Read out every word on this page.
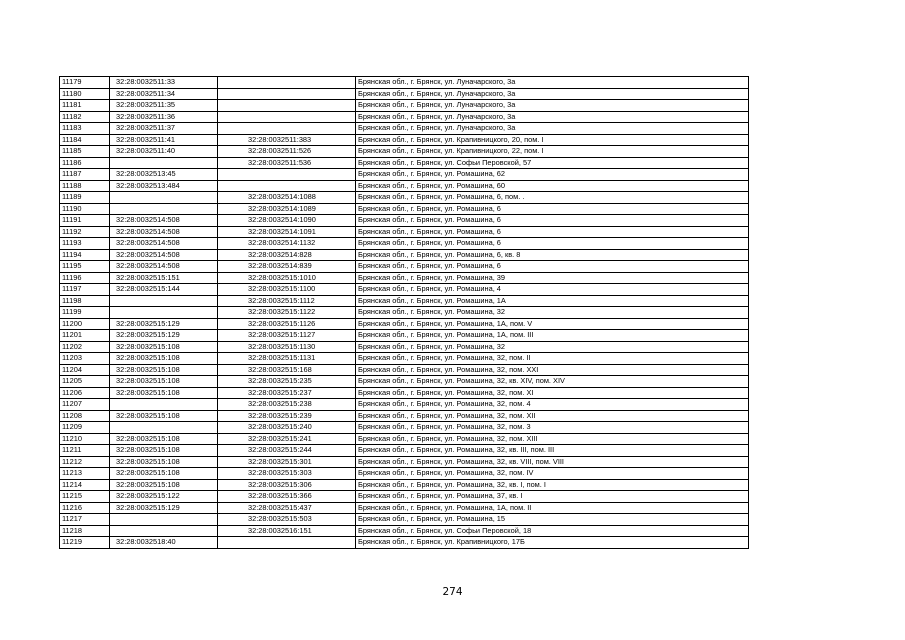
11179	32:28:0032511:33		Брянская обл., г. Брянск, ул. Луначарского, 3а
11180	32:28:0032511:34		Брянская обл., г. Брянск, ул. Луначарского, 3а
11181	32:28:0032511:35		Брянская обл., г. Брянск, ул. Луначарского, 3а
11182	32:28:0032511:36		Брянская обл., г. Брянск, ул. Луначарского, 3а
11183	32:28:0032511:37		Брянская обл., г. Брянск, ул. Луначарского, 3а
11184	32:28:0032511:41	32:28:0032511:383	Брянская обл., г. Брянск, ул. Крапивницкого, 20, пом. I
11185	32:28:0032511:40	32:28:0032511:526	Брянская обл., г. Брянск, ул. Крапивницкого, 22, пом. I
11186		32:28:0032511:536	Брянская обл., г. Брянск, ул. Софьи Перовской, 57
11187	32:28:0032513:45		Брянская обл., г. Брянск, ул. Ромашина, 62
11188	32:28:0032513:484		Брянская обл., г. Брянск, ул. Ромашина, 60
11189		32:28:0032514:1088	Брянская обл., г. Брянск, ул. Ромашина, 6, пом. .
11190		32:28:0032514:1089	Брянская обл., г. Брянск, ул. Ромашина, 6
11191	32:28:0032514:508	32:28:0032514:1090	Брянская обл., г. Брянск, ул. Ромашина, 6
11192	32:28:0032514:508	32:28:0032514:1091	Брянская обл., г. Брянск, ул. Ромашина, 6
11193	32:28:0032514:508	32:28:0032514:1132	Брянская обл., г. Брянск, ул. Ромашина, 6
11194	32:28:0032514:508	32:28:0032514:828	Брянская обл., г. Брянск, ул. Ромашина, 6, кв. 8
11195	32:28:0032514:508	32:28:0032514:839	Брянская обл., г. Брянск, ул. Ромашина, 6
11196	32:28:0032515:151	32:28:0032515:1010	Брянская обл., г. Брянск, ул. Ромашина, 39
11197	32:28:0032515:144	32:28:0032515:1100	Брянская обл., г. Брянск, ул. Ромашина, 4
11198		32:28:0032515:1112	Брянская обл., г. Брянск, ул. Ромашина, 1А
11199		32:28:0032515:1122	Брянская обл., г. Брянск, ул. Ромашина, 32
11200	32:28:0032515:129	32:28:0032515:1126	Брянская обл., г. Брянск, ул. Ромашина, 1А, пом. V
11201	32:28:0032515:129	32:28:0032515:1127	Брянская обл., г. Брянск, ул. Ромашина, 1А, пом. III
11202	32:28:0032515:108	32:28:0032515:1130	Брянская обл., г. Брянск, ул. Ромашина, 32
11203	32:28:0032515:108	32:28:0032515:1131	Брянская обл., г. Брянск, ул. Ромашина, 32, пом. II
11204	32:28:0032515:108	32:28:0032515:168	Брянская обл., г. Брянск, ул. Ромашина, 32, пом. XXI
11205	32:28:0032515:108	32:28:0032515:235	Брянская обл., г. Брянск, ул. Ромашина, 32, кв. XIV, пом. XIV
11206	32:28:0032515:108	32:28:0032515:237	Брянская обл., г. Брянск, ул. Ромашина, 32, пом. XI
11207		32:28:0032515:238	Брянская обл., г. Брянск, ул. Ромашина, 32, пом. 4
11208	32:28:0032515:108	32:28:0032515:239	Брянская обл., г. Брянск, ул. Ромашина, 32, пом. XII
11209		32:28:0032515:240	Брянская обл., г. Брянск, ул. Ромашина, 32, пом. 3
11210	32:28:0032515:108	32:28:0032515:241	Брянская обл., г. Брянск, ул. Ромашина, 32, пом. XIII
11211	32:28:0032515:108	32:28:0032515:244	Брянская обл., г. Брянск, ул. Ромашина, 32, кв. III, пом. III
11212	32:28:0032515:108	32:28:0032515:301	Брянская обл., г. Брянск, ул. Ромашина, 32, кв. VIII, пом. VIII
11213	32:28:0032515:108	32:28:0032515:303	Брянская обл., г. Брянск, ул. Ромашина, 32, пом. IV
11214	32:28:0032515:108	32:28:0032515:306	Брянская обл., г. Брянск, ул. Ромашина, 32, кв. I, пом. I
11215	32:28:0032515:122	32:28:0032515:366	Брянская обл., г. Брянск, ул. Ромашина, 37, кв. I
11216	32:28:0032515:129	32:28:0032515:437	Брянская обл., г. Брянск, ул. Ромашина, 1А, пом. II
11217		32:28:0032515:503	Брянская обл., г. Брянск, ул. Ромашина, 15
11218		32:28:0032516:151	Брянская обл., г. Брянск, ул. Софьи Перовской, 18
11219	32:28:0032518:40		Брянская обл., г. Брянск, ул. Крапивницкого, 17Б
274
